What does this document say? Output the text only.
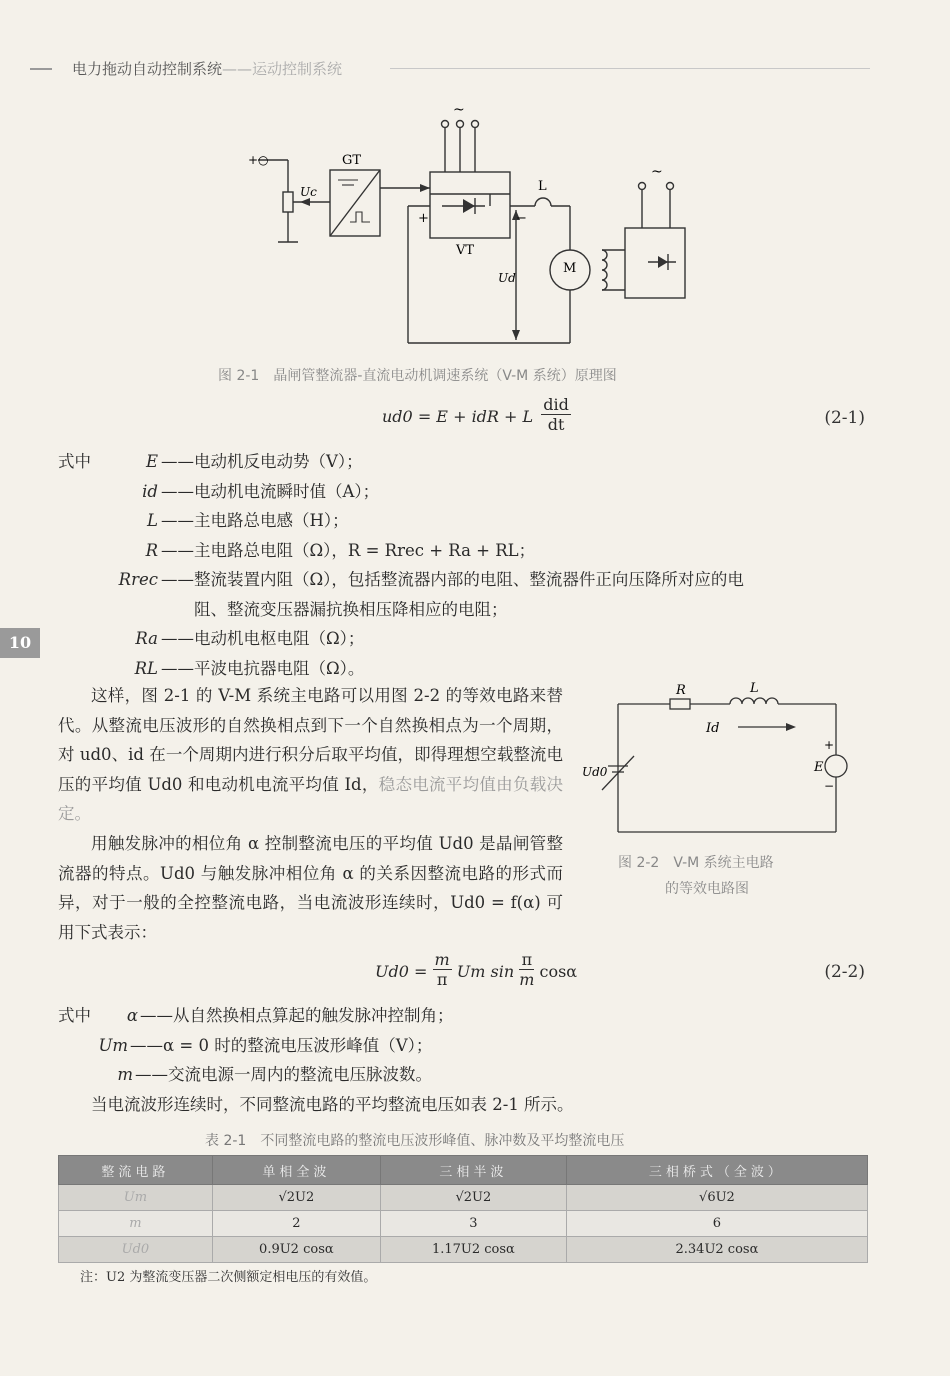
电力拖动自动控制系统——运动控制系统
10
+○	GT
Uc
VT
~
~
L
Ud
M
+	−
图 2-1　晶闸管整流器-直流电动机调速系统（V-M 系统）原理图
ud0 = E + idR + L
did
dt	(2-1)
式中	E ——电动机反电动势（V）；
id ——电动机电流瞬时值（A）；
L ——主电路总电感（H）；
R ——主电路总电阻（Ω），R = Rrec + Ra + RL；
Rrec ——整流装置内阻（Ω），包括整流器内部的电阻、整流器件正向压降所对应的电
　　阻、整流变压器漏抗换相压降相应的电阻；
Ra ——电动机电枢电阻（Ω）；
RL ——平波电抗器电阻（Ω）。

这样，图 2-1 的 V-M 系统主电路可以用图 2-2 的等效电路来替代。从整流电压波形的自然换相点到下一个自然换相点为一个周期，对 ud0、id 在一个周期内进行积分后取平均值，即得理想空载整流电压的平均值 Ud0 和电动机电流平均值 Id，稳态电流平均值由负载决定。

用触发脉冲的相位角 α 控制整流电压的平均值 Ud0 是晶闸管整流器的特点。Ud0 与触发脉冲相位角 α 的关系因整流电路的形式而异，对于一般的全控整流电路，当电流波形连续时，Ud0 = f(α) 可用下式表示：

R	L
Id
Ud0	E
+
−
图 2-2　V-M 系统主电路
的等效电路图
$Ud0 = \frac{m}{\pi}$ Um $\sin \frac{\pi}{m}$ cosα	(2-2)
式中	α ——从自然换相点算起的触发脉冲控制角；
Um ——α = 0 时的整流电压波形峰值（V）；
m ——交流电源一周内的整流电压脉波数。

当电流波形连续时，不同整流电路的平均整流电压如表 2-1 所示。

表 2-1　不同整流电路的整流电压波形峰值、脉冲数及平均整流电压
整流电路	单相全波	三相半波	三相桥式（全波）
Um	√2U2	√2U2	√6U2
m	2	3	6
Ud0	0.9U2 cosα	1.17U2 cosα	2.34U2 cosα
注：U2 为整流变压器二次侧额定相电压的有效值。
